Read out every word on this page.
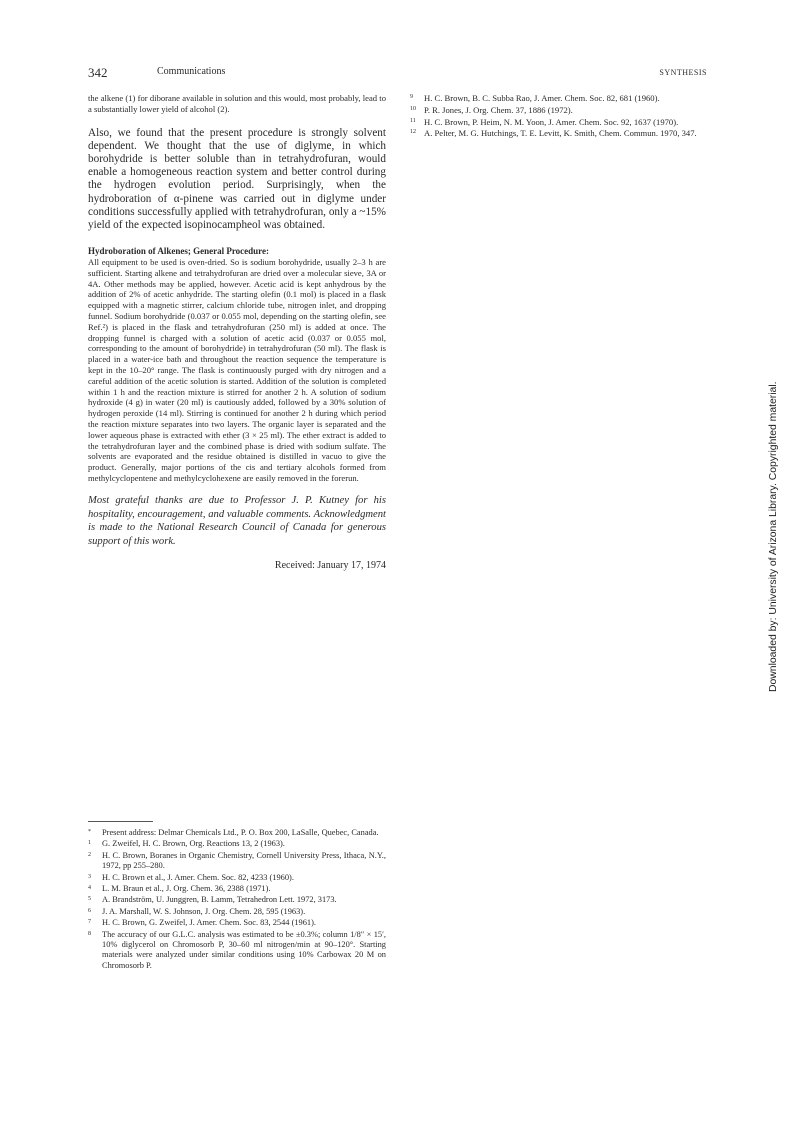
342	Communications	SYNTHESIS

the alkene (1) for diborane available in solution and this would, most probably, lead to a substantially lower yield of alcohol (2).

Also, we found that the present procedure is strongly solvent dependent. We thought that the use of diglyme, in which borohydride is better soluble than in tetrahydrofuran, would enable a homogeneous reaction system and better control during the hydrogen evolution period. Surprisingly, when the hydroboration of α-pinene was carried out in diglyme under conditions successfully applied with tetrahydrofuran, only a ~15% yield of the expected isopinocampheol was obtained.

Hydroboration of Alkenes; General Procedure:

All equipment to be used is oven-dried. So is sodium borohydride, usually 2–3 h are sufficient. Starting alkene and tetrahydrofuran are dried over a molecular sieve, 3A or 4A. Other methods may be applied, however. Acetic acid is kept anhydrous by the addition of 2% of acetic anhydride. The starting olefin (0.1 mol) is placed in a flask equipped with a magnetic stirrer, calcium chloride tube, nitrogen inlet, and dropping funnel. Sodium borohydride (0.037 or 0.055 mol, depending on the starting olefin, see Ref.²) is placed in the flask and tetrahydrofuran (250 ml) is added at once. The dropping funnel is charged with a solution of acetic acid (0.037 or 0.055 mol, corresponding to the amount of borohydride) in tetrahydrofuran (50 ml). The flask is placed in a water-ice bath and throughout the reaction sequence the temperature is kept in the 10–20° range. The flask is continuously purged with dry nitrogen and a careful addition of the acetic solution is started. Addition of the solution is completed within 1 h and the reaction mixture is stirred for another 2 h. A solution of sodium hydroxide (4 g) in water (20 ml) is cautiously added, followed by a 30% solution of hydrogen peroxide (14 ml). Stirring is continued for another 2 h during which period the reaction mixture separates into two layers. The organic layer is separated and the lower aqueous phase is extracted with ether (3 × 25 ml). The ether extract is added to the tetrahydrofuran layer and the combined phase is dried with sodium sulfate. The solvents are evaporated and the residue obtained is distilled in vacuo to give the product. Generally, major portions of the cis and tertiary alcohols formed from methylcyclopentene and methylcyclohexene are easily removed in the forerun.

Most grateful thanks are due to Professor J. P. Kutney for his hospitality, encouragement, and valuable comments. Acknowledgment is made to the National Research Council of Canada for generous support of this work.

Received: January 17, 1974

9	H. C. Brown, B. C. Subba Rao, J. Amer. Chem. Soc. 82, 681 (1960).
10 P. R. Jones, J. Org. Chem. 37, 1886 (1972).
11 H. C. Brown, P. Heim, N. M. Yoon, J. Amer. Chem. Soc. 92, 1637 (1970).
12 A. Pelter, M. G. Hutchings, T. E. Levitt, K. Smith, Chem. Commun. 1970, 347.
*	Present address: Delmar Chemicals Ltd., P. O. Box 200, LaSalle, Quebec, Canada.
1	G. Zweifel, H. C. Brown, Org. Reactions 13, 2 (1963).
2	H. C. Brown, Boranes in Organic Chemistry, Cornell University Press, Ithaca, N.Y., 1972, pp 255–280.
3	H. C. Brown et al., J. Amer. Chem. Soc. 82, 4233 (1960).
4	L. M. Braun et al., J. Org. Chem. 36, 2388 (1971).
5	A. Brandström, U. Junggren, B. Lamm, Tetrahedron Lett. 1972, 3173.
6	J. A. Marshall, W. S. Johnson, J. Org. Chem. 28, 595 (1963).
7	H. C. Brown, G. Zweifel, J. Amer. Chem. Soc. 83, 2544 (1961).
8	The accuracy of our G.L.C. analysis was estimated to be ±0.3%; column 1/8″ × 15′, 10% diglycerol on Chromosorb P, 30–60 ml nitrogen/min at 90–120°. Starting materials were analyzed under similar conditions using 10% Carbowax 20 M on Chromosorb P.
Downloaded by: University of Arizona Library. Copyrighted material.
